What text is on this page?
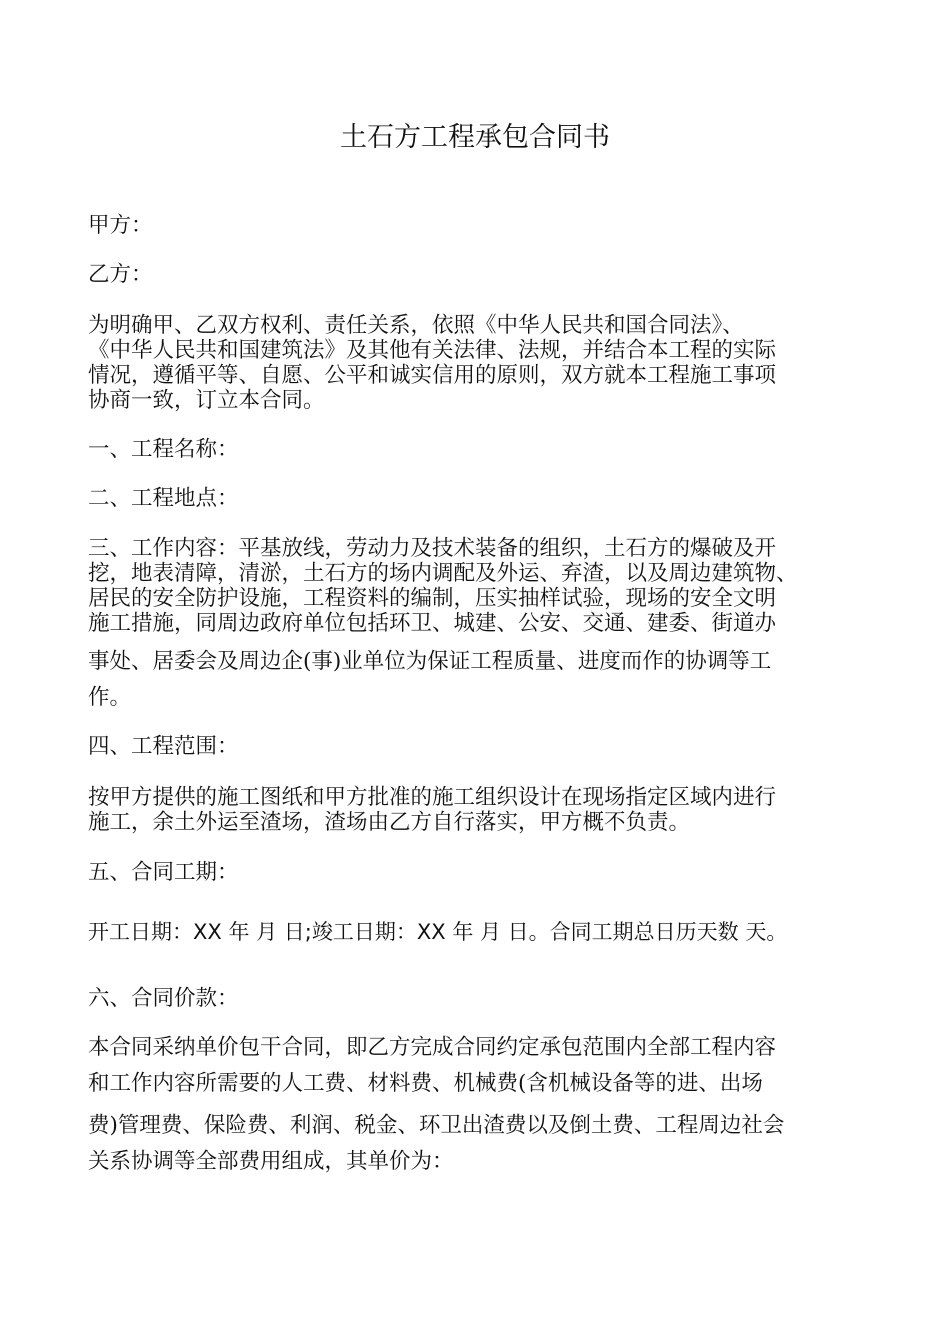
土石方工程承包合同书
甲方：
乙方：
为明确甲、乙双方权利、责任关系，依照《中华人民共和国合同法》、
《中华人民共和国建筑法》及其他有关法律、法规，并结合本工程的实际
情况，遵循平等、自愿、公平和诚实信用的原则，双方就本工程施工事项
协商一致，订立本合同。
一、工程名称：
二、工程地点：
三、工作内容：平基放线，劳动力及技术装备的组织，土石方的爆破及开
挖，地表清障，清淤，土石方的场内调配及外运、弃渣，以及周边建筑物、
居民的安全防护设施，工程资料的编制，压实抽样试验，现场的安全文明
施工措施，同周边政府单位包括环卫、城建、公安、交通、建委、街道办
事处、居委会及周边企(事)业单位为保证工程质量、进度而作的协调等工
作。
四、工程范围：
按甲方提供的施工图纸和甲方批准的施工组织设计在现场指定区域内进行
施工，余土外运至渣场，渣场由乙方自行落实，甲方概不负责。
五、合同工期：
开工日期：XX 年 月 日;竣工日期：XX 年 月 日。合同工期总日历天数 天。
六、合同价款：
本合同采纳单价包干合同，即乙方完成合同约定承包范围内全部工程内容
和工作内容所需要的人工费、材料费、机械费(含机械设备等的进、出场
费)管理费、保险费、利润、税金、环卫出渣费以及倒土费、工程周边社会
关系协调等全部费用组成，其单价为：
